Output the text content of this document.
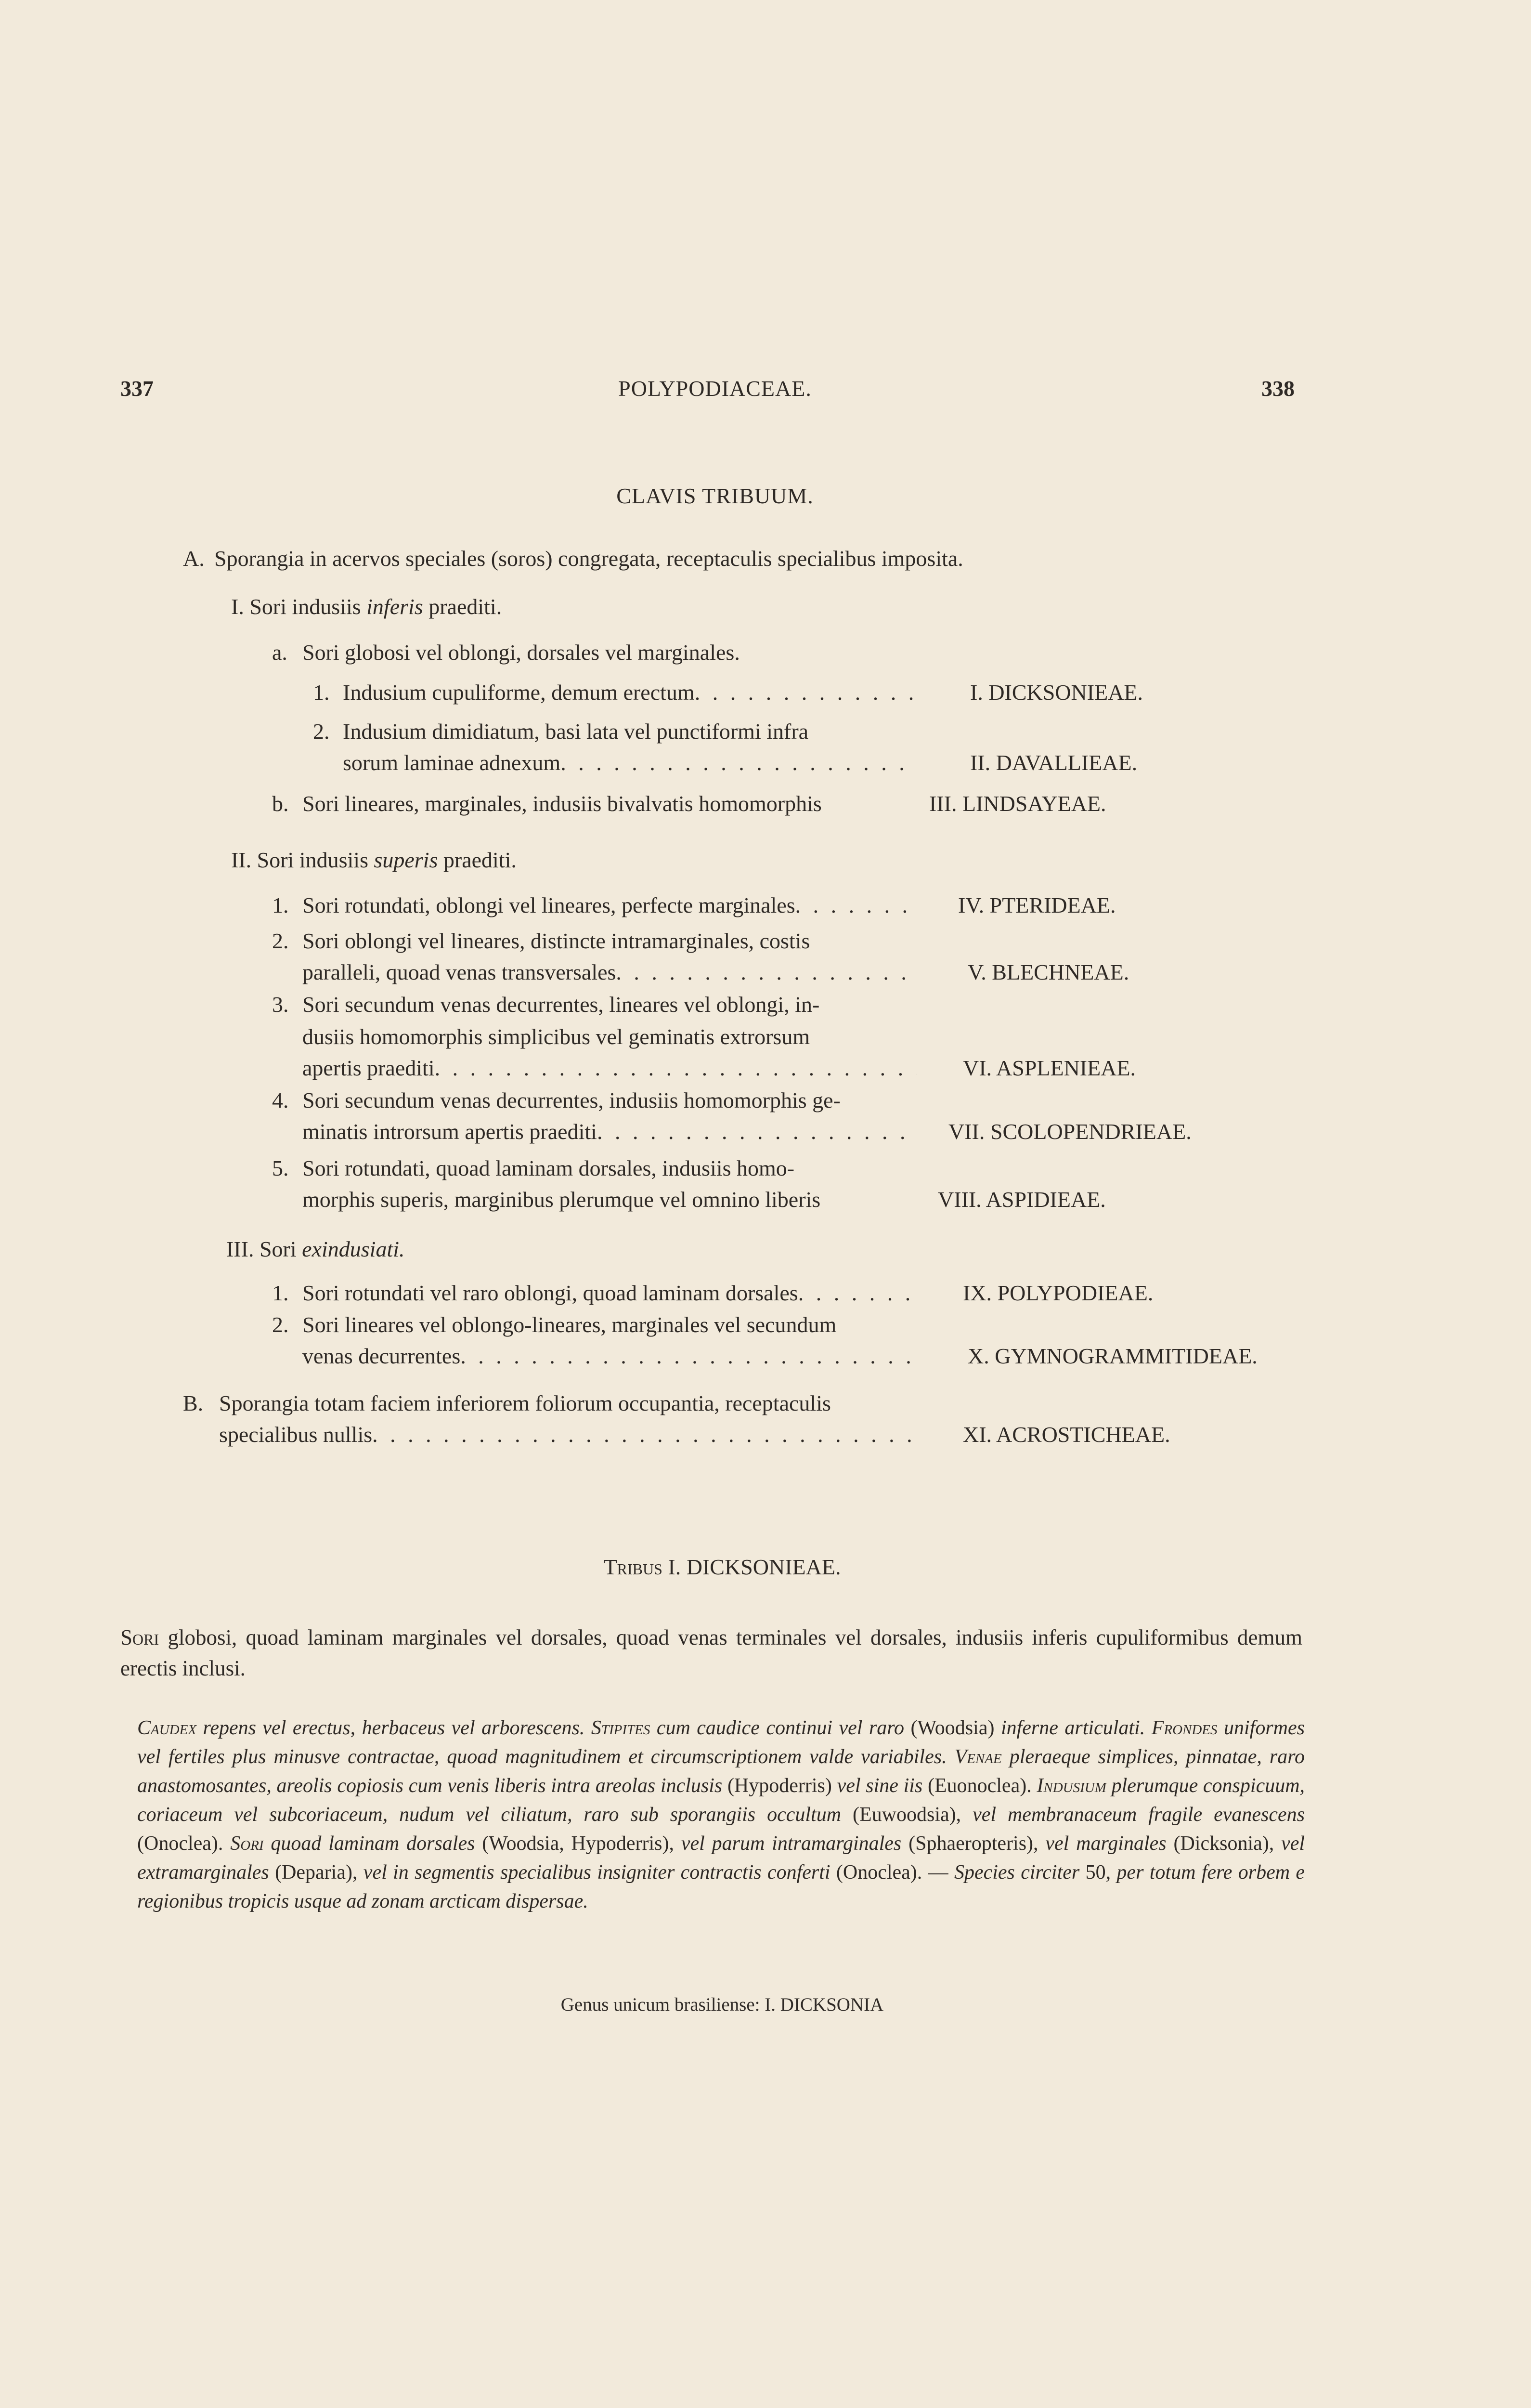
337	POLYPODIACEAE.	338
CLAVIS TRIBUUM.
A. Sporangia in acervos speciales (soros) congregata, receptaculis specialibus imposita.
I. Sori indusiis inferis praediti.
a. Sori globosi vel oblongi, dorsales vel marginales.
1. Indusium cupuliforme, demum erectum . . .	I. DICKSONIEAE.
2. Indusium dimidiatum, basi lata vel punctiformi infra
sorum laminae adnexum . . .	II. DAVALLIEAE.
b. Sori lineares, marginales, indusiis bivalvatis homomorphis	III. LINDSAYEAE.
II. Sori indusiis superis praediti.
1. Sori rotundati, oblongi vel lineares, perfecte marginales . . .	IV. PTERIDEAE.
2. Sori oblongi vel lineares, distincte intramarginales, costis
paralleli, quoad venas transversales . . .	V. BLECHNEAE.
3. Sori secundum venas decurrentes, lineares vel oblongi, in-
dusiis homomorphis simplicibus vel geminatis extrorsum
apertis praediti . . .	VI. ASPLENIEAE.
4. Sori secundum venas decurrentes, indusiis homomorphis ge-
minatis introrsum apertis praediti . . .	VII. SCOLOPENDRIEAE.
5. Sori rotundati, quoad laminam dorsales, indusiis homo-
morphis superis, marginibus plerumque vel omnino liberis	VIII. ASPIDIEAE.
III. Sori exindusiati.
1. Sori rotundati vel raro oblongi, quoad laminam dorsales . . .	IX. POLYPODIEAE.
2. Sori lineares vel oblongo-lineares, marginales vel secundum
venas decurrentes . . .	X. GYMNOGRAMMITIDEAE.
B. Sporangia totam faciem inferiorem foliorum occupantia, receptaculis
specialibus nullis . . .	XI. ACROSTICHEAE.
Tribus I. DICKSONIEAE.
Sori globosi, quoad laminam marginales vel dorsales, quoad venas terminales vel dorsales, indusiis inferis cupuliformibus demum erectis inclusi.
Caudex repens vel erectus, herbaceus vel arborescens. Stipites cum caudice continui vel raro (Woodsia) inferne articulati. Frondes uniformes vel fertiles plus minusve contractae, quoad magnitudinem et circumscriptionem valde variabiles. Venae pleraeque simplices, pinnatae, raro anastomosantes, areolis copiosis cum venis liberis intra areolas inclusis (Hypoderris) vel sine iis (Euonoclea). Indusium plerumque conspicuum, coriaceum vel subcoriaceum, nudum vel ciliatum, raro sub sporangiis occultum (Euwoodsia), vel membranaceum fragile evanescens (Onoclea). Sori quoad laminam dorsales (Woodsia, Hypoderris), vel parum intramarginales (Sphaeropteris), vel marginales (Dicksonia), vel extramarginales (Deparia), vel in segmentis specialibus insigniter contractis conferti (Onoclea). — Species circiter 50, per totum fere orbem e regionibus tropicis usque ad zonam arcticam dispersae.
Genus unicum brasiliense: I. DICKSONIA
